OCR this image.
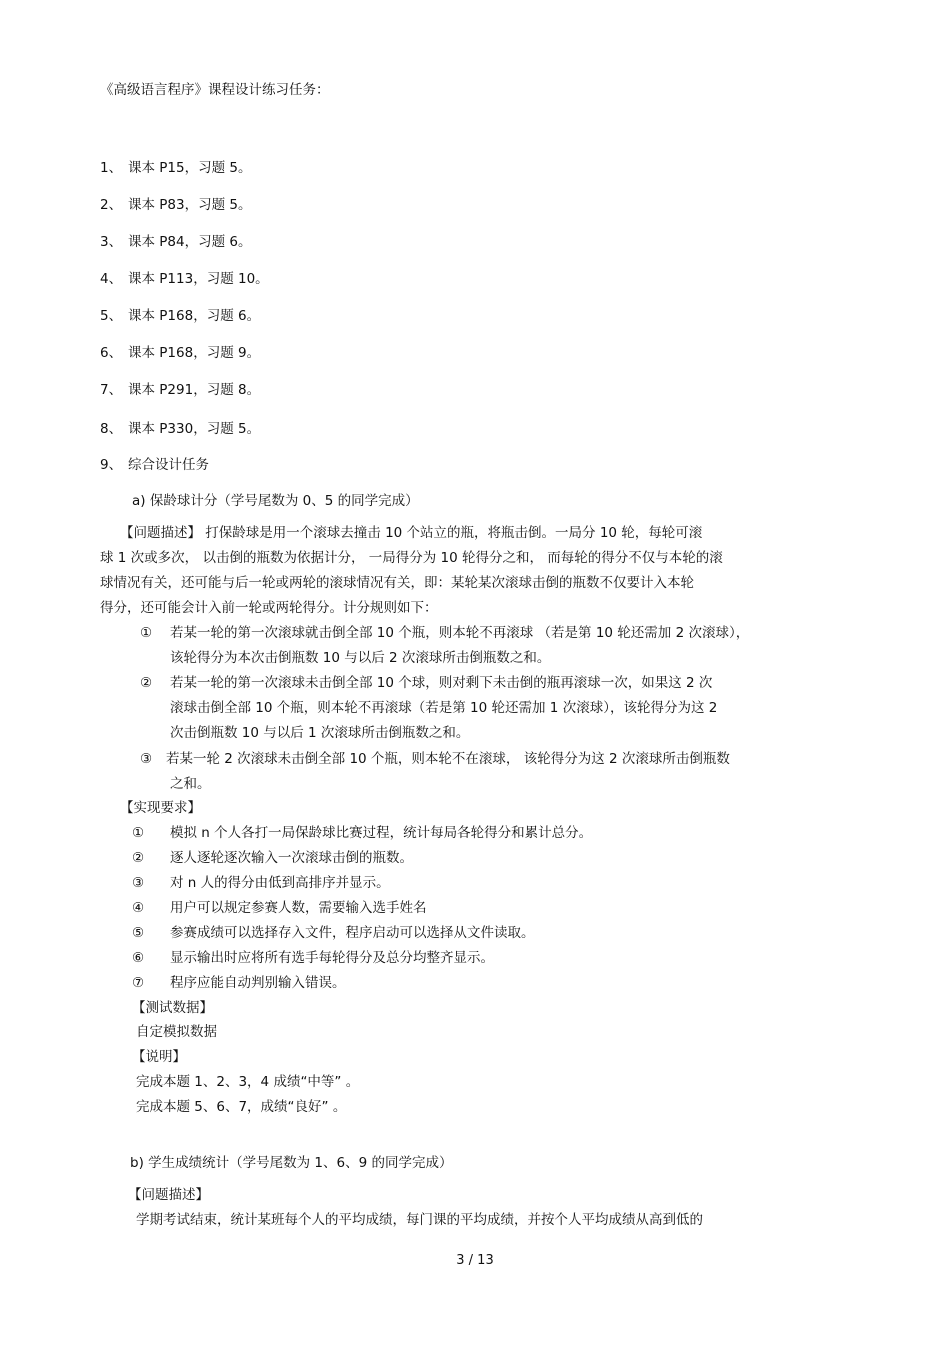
《高级语言程序》课程设计练习任务：
1、 课本 P15，习题 5。
2、 课本 P83，习题 5。
3、 课本 P84，习题 6。
4、 课本 P113，习题 10。
5、 课本 P168，习题 6。
6、 课本 P168，习题 9。
7、 课本 P291，习题 8。
8、 课本 P330，习题 5。
9、 综合设计任务
a) 保龄球计分（学号尾数为 0、5 的同学完成）
【问题描述】 打保龄球是用一个滚球去撞击 10 个站立的瓶，将瓶击倒。一局分 10 轮，每轮可滚
球 1 次或多次， 以击倒的瓶数为依据计分， 一局得分为 10 轮得分之和， 而每轮的得分不仅与本轮的滚
球情况有关，还可能与后一轮或两轮的滚球情况有关，即：某轮某次滚球击倒的瓶数不仅要计入本轮
得分，还可能会计入前一轮或两轮得分。计分规则如下：
① 若某一轮的第一次滚球就击倒全部 10 个瓶，则本轮不再滚球 （若是第 10 轮还需加 2 次滚球），
该轮得分为本次击倒瓶数 10 与以后 2 次滚球所击倒瓶数之和。
② 若某一轮的第一次滚球未击倒全部 10 个球，则对剩下未击倒的瓶再滚球一次，如果这 2 次
滚球击倒全部 10 个瓶，则本轮不再滚球（若是第 10 轮还需加 1 次滚球），该轮得分为这 2
次击倒瓶数 10 与以后 1 次滚球所击倒瓶数之和。
③ 若某一轮 2 次滚球未击倒全部 10 个瓶，则本轮不在滚球， 该轮得分为这 2 次滚球所击倒瓶数
之和。
【实现要求】
① 模拟 n 个人各打一局保龄球比赛过程，统计每局各轮得分和累计总分。
② 逐人逐轮逐次输入一次滚球击倒的瓶数。
③ 对 n 人的得分由低到高排序并显示。
④ 用户可以规定参赛人数，需要输入选手姓名
⑤ 参赛成绩可以选择存入文件，程序启动可以选择从文件读取。
⑥ 显示输出时应将所有选手每轮得分及总分均整齐显示。
⑦ 程序应能自动判别输入错误。
【测试数据】
自定模拟数据
【说明】
完成本题 1、2、3，4 成绩“中等” 。
完成本题 5、6、7，成绩“良好” 。
b) 学生成绩统计（学号尾数为 1、6、9 的同学完成）
【问题描述】
学期考试结束，统计某班每个人的平均成绩，每门课的平均成绩，并按个人平均成绩从高到低的
3 / 13
